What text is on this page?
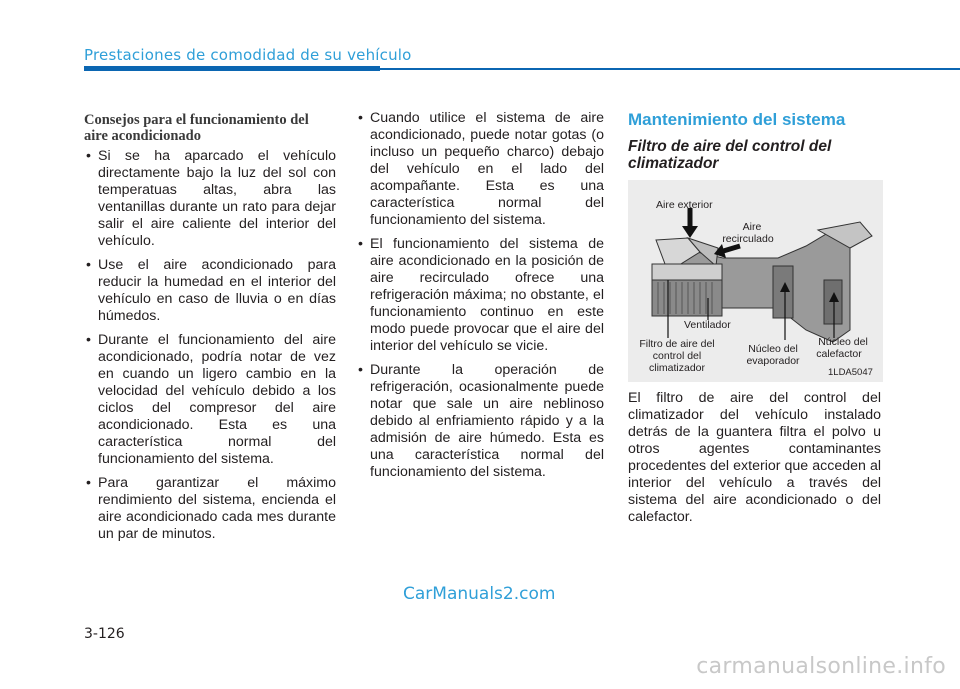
Prestaciones de comodidad de su vehículo
Consejos para el funcionamiento del aire acondicionado
• Si se ha aparcado el vehículo directamente bajo la luz del sol con temperatuas altas, abra las ventanillas durante un rato para dejar salir el aire caliente del interior del vehículo.
• Use el aire acondicionado para reducir la humedad en el interior del vehículo en caso de lluvia o en días húmedos.
• Durante el funcionamiento del aire acondicionado, podría notar de vez en cuando un ligero cambio en la velocidad del vehículo debido a los ciclos del compresor del aire acondicionado. Esta es una característica normal del funcionamiento del sistema.
• Para garantizar el máximo rendimiento del sistema, encienda el aire acondicionado cada mes durante un par de minutos.
• Cuando utilice el sistema de aire acondicionado, puede notar gotas (o incluso un pequeño charco) debajo del vehículo en el lado del acompañante. Esta es una característica normal del funcionamiento del sistema.
• El funcionamiento del sistema de aire acondicionado en la posición de aire recirculado ofrece una refrigeración máxima; no obstante, el funcionamiento continuo en este modo puede provocar que el aire del interior del vehículo se vicie.
• Durante la operación de refrigeración, ocasionalmente puede notar que sale un aire neblinoso debido al enfriamiento rápido y a la admisión de aire húmedo. Esta es una característica normal del funcionamiento del sistema.
Mantenimiento del sistema
Filtro de aire del control del climatizador
Aire exterior
Aire
recirculado
Ventilador
Filtro de aire del
control del
climatizador
Núcleo del
evaporador
Núcleo del
calefactor
1LDA5047
El filtro de aire del control del climatizador del vehículo instalado detrás de la guantera filtra el polvo u otros agentes contaminantes procedentes del exterior que acceden al interior del vehículo a través del sistema del aire acondicionado o del calefactor.
CarManuals2.com
3-126
carmanualsonline.info
